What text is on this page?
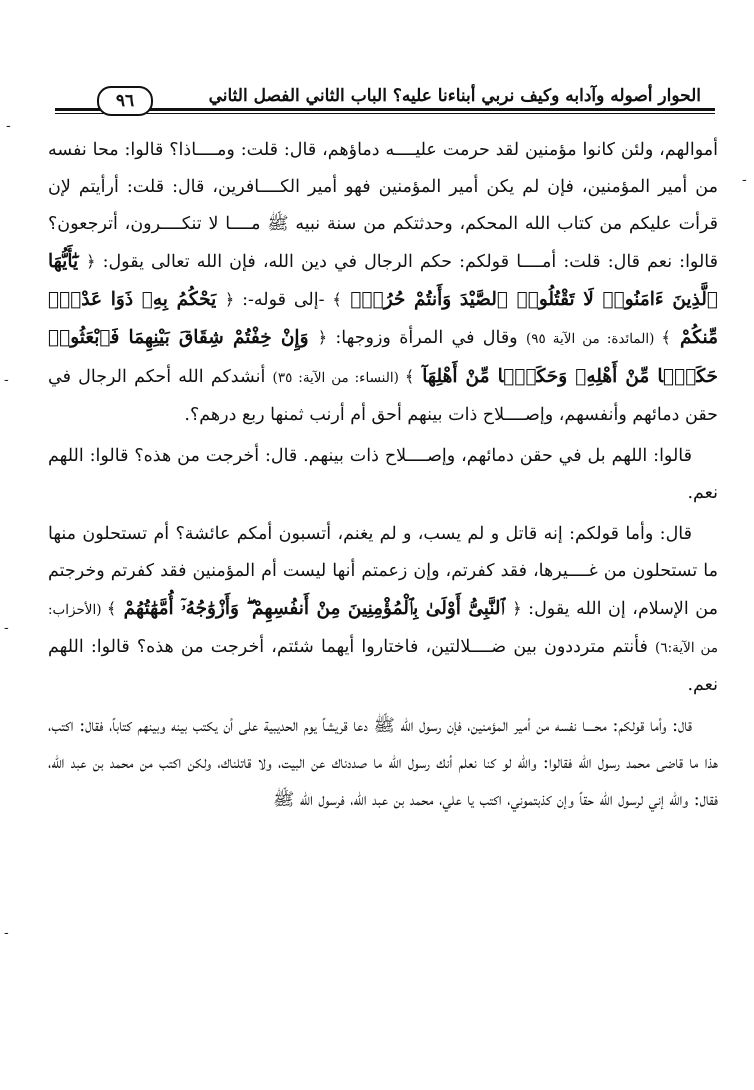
٩٦	الحوار أصوله وآدابه وكيف نربي أبناءنا عليه؟ الباب الثاني الفصل الثاني
-
-
-
-
-

أموالهم، ولئن كانوا مؤمنين لقد حرمت عليــــه دماؤهم، قال: قلت: ومــــاذا؟ قالوا: محا نفسه من أمير المؤمنين، فإن لم يكن أمير المؤمنين فهو أمير الكــــافرين، قال: قلت: أرأيتم لإن قرأت عليكم من كتاب الله المحكم، وحدثتكم من سنة نبيه ﷺ مــــا لا تنكــــرون، أترجعون؟ قالوا: نعم قال: قلت: أمــــا قولكم: حكم الرجال في دين الله، فإن الله تعالى يقول: ﴿ يَٰٓأَيُّهَا ٱلَّذِينَ ءَامَنُوا۟ لَا تَقْتُلُوا۟ ٱلصَّيْدَ وَأَنتُمْ حُرُمٌۭ ﴾ -إلى قوله-: ﴿ يَحْكُمُ بِهِۦ ذَوَا عَدْلٍۢ مِّنكُمْ ﴾ (المائدة: من الآية ٩٥) وقال في المرأة وزوجها: ﴿ وَإِنْ خِفْتُمْ شِقَاقَ بَيْنِهِمَا فَٱبْعَثُوا۟ حَكَمًۭا مِّنْ أَهْلِهِۦ وَحَكَمًۭا مِّنْ أَهْلِهَآ ﴾ (النساء: من الآية: ٣٥) أنشدكم الله أحكم الرجال في حقن دمائهم وأنفسهم، وإصــــلاح ذات بينهم أحق أم أرنب ثمنها ربع درهم؟.

قالوا: اللهم بل في حقن دمائهم، وإصــــلاح ذات بينهم. قال: أخرجت من هذه؟ قالوا: اللهم نعم.

قال: وأما قولكم: إنه قاتل و لم يسب، و لم يغنم، أتسبون أمكم عائشة؟ أم تستحلون منها ما تستحلون من غــــيرها، فقد كفرتم، وإن زعمتم أنها ليست أم المؤمنين فقد كفرتم وخرجتم من الإسلام، إن الله يقول: ﴿ ٱلنَّبِىُّ أَوْلَىٰ بِٱلْمُؤْمِنِينَ مِنْ أَنفُسِهِمْ ۖ وَأَزْوَٰجُهُۥٓ أُمَّهَٰتُهُمْ ﴾ (الأحزاب: من الآية:٦) فأنتم مترددون بين ضــــلالتين، فاختاروا أيهما شئتم، أخرجت من هذه؟ قالوا: اللهم نعم.

قال: وأما قولكم: محــــا نفسه من أمير المؤمنين، فإن رسول الله ﷺ دعا قريشاً يوم الحديبية على أن يكتب بينه وبينهم كتاباً، فقال: اكتب، هذا ما قاضى محمد رسول الله فقالوا: والله لو كنا نعلم أنك رسول الله ما صددناك عن البيت، ولا قاتلناك، ولكن اكتب من محمد بن عبد الله، فقال: والله إني لرسول الله حقاً وإن كذبتموني، اكتب يا علي، محمد بن عبد الله، فرسول الله ﷺ
